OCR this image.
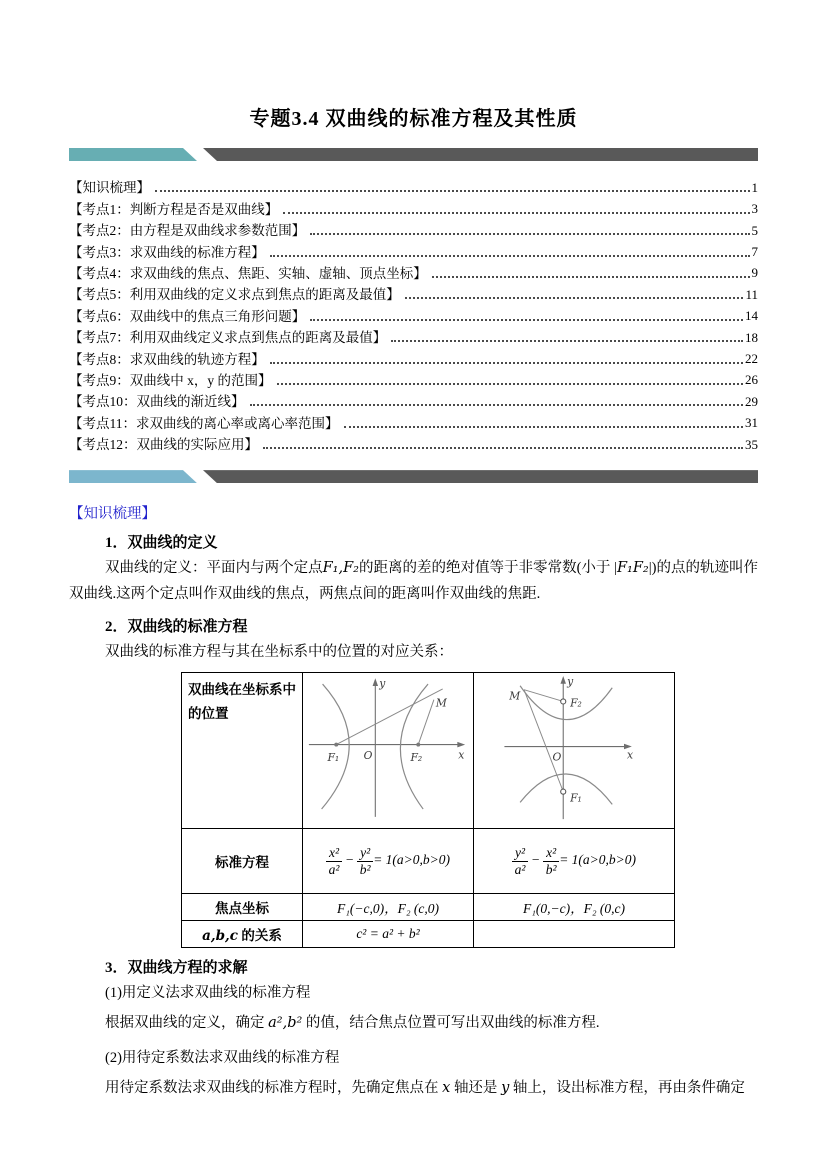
专题3.4 双曲线的标准方程及其性质
【知识梳理】	1
【考点1：判断方程是否是双曲线】	3
【考点2：由方程是双曲线求参数范围】	5
【考点3：求双曲线的标准方程】	7
【考点4：求双曲线的焦点、焦距、实轴、虚轴、顶点坐标】	9
【考点5：利用双曲线的定义求点到焦点的距离及最值】	11
【考点6：双曲线中的焦点三角形问题】	14
【考点7：利用双曲线定义求点到焦点的距离及最值】	18
【考点8：求双曲线的轨迹方程】	22
【考点9：双曲线中 x，y 的范围】	26
【考点10：双曲线的渐近线】	29
【考点11：求双曲线的离心率或离心率范围】	31
【考点12：双曲线的实际应用】	35
【知识梳理】
1．双曲线的定义
双曲线的定义：平面内与两个定点F₁,F₂的距离的差的绝对值等于非零常数(小于 |F₁F₂|)的点的轨迹叫作双曲线.这两个定点叫作双曲线的焦点，两焦点间的距离叫作双曲线的焦距.
2．双曲线的标准方程
双曲线的标准方程与其在坐标系中的位置的对应关系：
双曲线在坐标系中的位置	
y
x
O
F₁	F₂
M

y
x
O
F₁
F₂
M

标准方程	$\frac{\text{x²}}{\text{a²}} - \frac{\text{y²}}{\text{b²}} = 1(a>0,b>0)$	$\frac{\text{y²}}{\text{a²}} - \frac{\text{x²}}{\text{b²}} = 1(a>0,b>0)$
焦点坐标	F₁(−c,0)，F₂ (c,0)	F₁(0,−c)，F₂ (0,c)
a,b,c 的关系	c² = a² + b²	
3．双曲线方程的求解
(1)用定义法求双曲线的标准方程
根据双曲线的定义，确定 a²,b² 的值，结合焦点位置可写出双曲线的标准方程.
(2)用待定系数法求双曲线的标准方程
用待定系数法求双曲线的标准方程时，先确定焦点在 x 轴还是 y 轴上，设出标准方程，再由条件确定
